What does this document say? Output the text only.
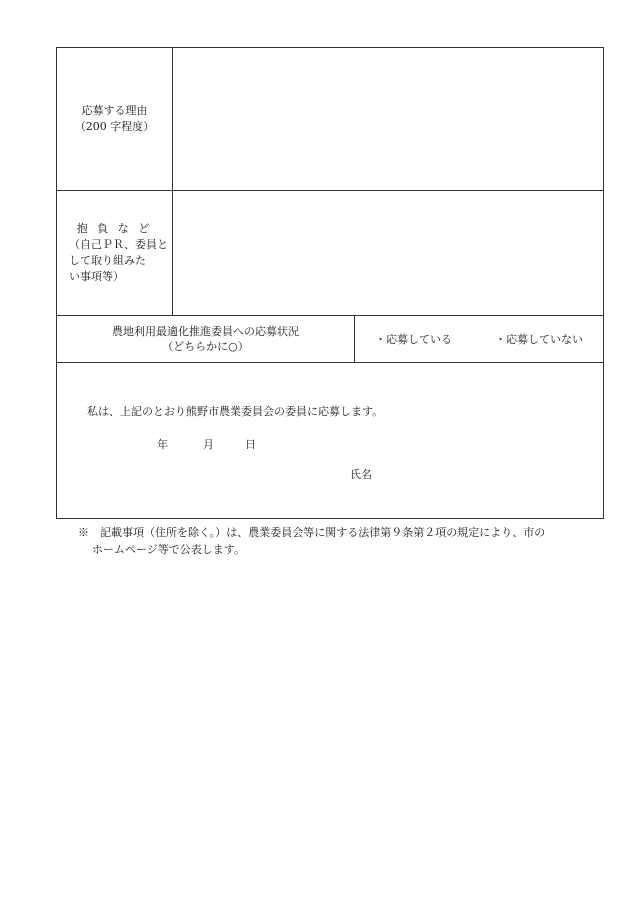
応募する理由
（200 字程度）
抱 負 な ど
（自己ＰＲ、委員と
して取り組みた
い事項等）
農地利用最適化推進委員への応募状況
（どちらかに○）
・応募している	・応募していない
私は、上記のとおり熊野市農業委員会の委員に応募します。
年	月	日
氏名
※　記載事項（住所を除く。）は、農業委員会等に関する法律第９条第２項の規定により、市の
ホームページ等で公表します。
